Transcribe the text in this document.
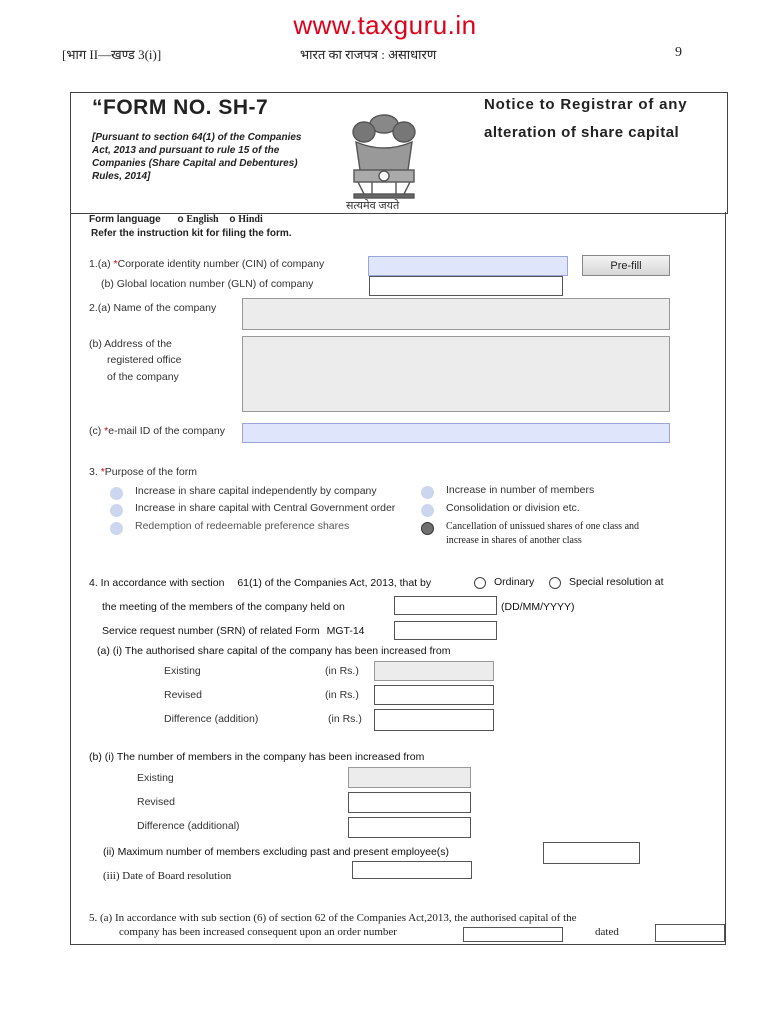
www.taxguru.in
[भाग II—खण्ड 3(i)]	भारत का राजपत्र : असाधारण	9
“FORM NO. SH-7
[Pursuant to section 64(1) of the Companies Act, 2013 and pursuant to rule 15 of the Companies (Share Capital and Debentures) Rules, 2014]
Notice to Registrar of any
alteration of share capital
सत्यमेव जयते
Form language o English o Hindi
Refer the instruction kit for filing the form.
1.(a) *Corporate identity number (CIN) of company	Pre-fill
(b) Global location number (GLN) of company
2.(a) Name of the company
(b) Address of the
registered office
of the company
(c) *e-mail ID of the company
3. *Purpose of the form
Increase in share capital independently by company
Increase in share capital with Central Government order
Redemption of redeemable preference shares
Increase in number of members
Consolidation or division etc.
Cancellation of unissued shares of one class and
increase in shares of another class
4. In accordance with section 61(1) of the Companies Act, 2013, that by	Ordinary	Special resolution at
the meeting of the members of the company held on	(DD/MM/YYYY)
Service request number (SRN) of related Form MGT-14
(a) (i) The authorised share capital of the company has been increased from
Existing	(in Rs.)
Revised	(in Rs.)
Difference (addition)	(in Rs.)
(b) (i) The number of members in the company has been increased from
Existing
Revised
Difference (additional)
(ii) Maximum number of members excluding past and present employee(s)
(iii) Date of Board resolution
5. (a) In accordance with sub section (6) of section 62 of the Companies Act,2013, the authorised capital of the
company has been increased consequent upon an order number	dated
